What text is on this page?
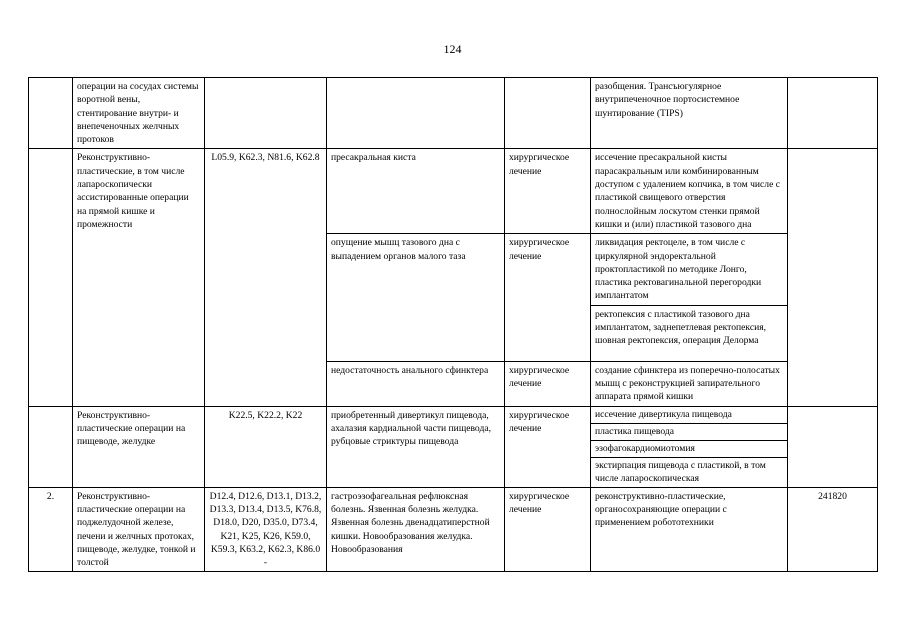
124
	операции на сосудах системы воротной вены, стентирование внутри- и внепеченочных желчных протоков				разобщения. Трансъюгулярное внутрипеченочное портосистемное шунтирование (TIPS)	
	Реконструктивно-пластические, в том числе лапароскопически ассистированные операции на прямой кишке и промежности	L05.9, K62.3, N81.6, K62.8	пресакральная киста	хирургическое лечение	иссечение пресакральной кисты парасакральным или комбинированным доступом с удалением копчика, в том числе с пластикой свищевого отверстия полнослойным лоскутом стенки прямой кишки и (или) пластикой тазового дна	
			опущение мышц тазового дна с выпадением органов малого таза	хирургическое лечение	ликвидация ректоцеле, в том числе с циркулярной эндоректальной проктопластикой по методике Лонго, пластика ректовагинальной перегородки имплантатом	
					ректопексия с пластикой тазового дна имплантатом, заднепетлевая ректопексия, шовная ректопексия, операция Делорма	
			недостаточность анального сфинктера	хирургическое лечение	создание сфинктера из поперечно-полосатых мышц с реконструкцией запирательного аппарата прямой кишки	
	Реконструктивно-пластические операции на пищеводе, желудке	K22.5, K22.2, K22	приобретенный дивертикул пищевода, ахалазия кардиальной части пищевода, рубцовые стриктуры пищевода	хирургическое лечение	иссечение дивертикула пищевода	
					пластика пищевода	
					эзофагокардиомиотомия	
					экстирпация пищевода с пластикой, в том числе лапароскопическая	
2.	Реконструктивно-пластические операции на поджелудочной железе, печени и желчных протоках, пищеводе, желудке, тонкой и толстой	D12.4, D12.6, D13.1, D13.2, D13.3, D13.4, D13.5, K76.8, D18.0, D20, D35.0, D73.4, K21, K25, K26, K59.0, K59.3, K63.2, K62.3, K86.0 -	гастроэзофагеальная рефлюксная болезнь. Язвенная болезнь желудка. Язвенная болезнь двенадцатиперстной кишки. Новообразования желудка. Новообразования	хирургическое лечение	реконструктивно-пластические, органосохраняющие операции с применением робототехники	241820
